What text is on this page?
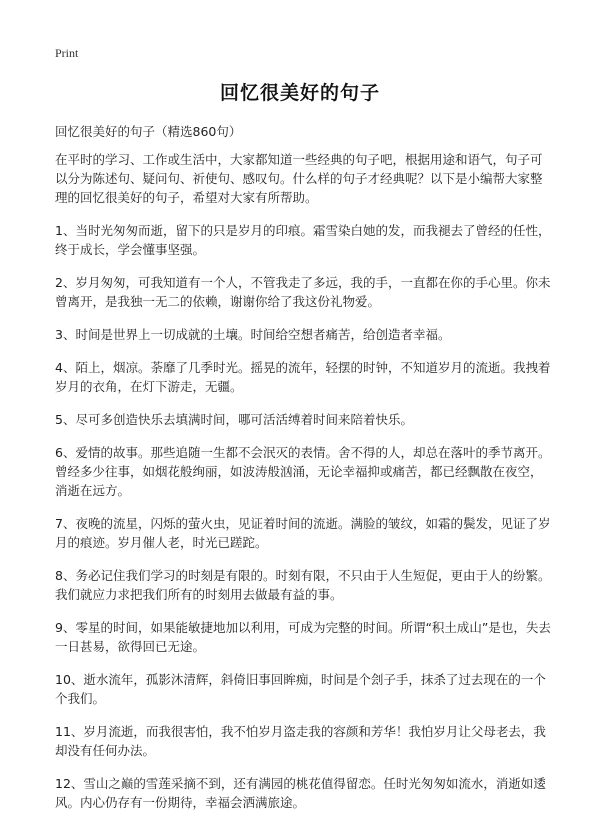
Print
回忆很美好的句子
回忆很美好的句子（精选860句）

在平时的学习、工作或生活中，大家都知道一些经典的句子吧，根据用途和语气，句子可以分为陈述句、疑问句、祈使句、感叹句。什么样的句子才经典呢？以下是小编帮大家整理的回忆很美好的句子，希望对大家有所帮助。

1、当时光匆匆而逝，留下的只是岁月的印痕。霜雪染白她的发，而我褪去了曾经的任性，终于成长，学会懂事坚强。

2、岁月匆匆，可我知道有一个人，不管我走了多远，我的手，一直都在你的手心里。你未曾离开，是我独一无二的依赖，谢谢你给了我这份礼物爱。

3、时间是世界上一切成就的土壤。时间给空想者痛苦，给创造者幸福。

4、陌上，烟凉。荼靡了几季时光。摇晃的流年，轻摆的时钟，不知道岁月的流逝。我拽着岁月的衣角，在灯下游走，无疆。

5、尽可多创造快乐去填满时间，哪可活活缚着时间来陪着快乐。

6、爱情的故事。那些追随一生都不会泯灭的表情。舍不得的人，却总在落叶的季节离开。曾经多少往事，如烟花般绚丽，如波涛般汹涌，无论幸福抑或痛苦，都已经飘散在夜空，消逝在远方。

7、夜晚的流星，闪烁的萤火虫，见证着时间的流逝。满脸的皱纹，如霜的鬓发，见证了岁月的痕迹。岁月催人老，时光已蹉跎。

8、务必记住我们学习的时刻是有限的。时刻有限，不只由于人生短促，更由于人的纷繁。我们就应力求把我们所有的时刻用去做最有益的事。

9、零星的时间，如果能敏捷地加以利用，可成为完整的时间。所谓“积土成山”是也，失去一日甚易，欲得回已无途。

10、逝水流年，孤影沐清辉，斜倚旧事回眸痴，时间是个刽子手，抹杀了过去现在的一个个我们。

11、岁月流逝，而我很害怕，我不怕岁月盗走我的容颜和芳华！我怕岁月让父母老去，我却没有任何办法。

12、雪山之巅的雪莲采摘不到，还有满园的桃花值得留恋。任时光匆匆如流水，消逝如逶风。内心仍存有一份期待，幸福会洒满旅途。
